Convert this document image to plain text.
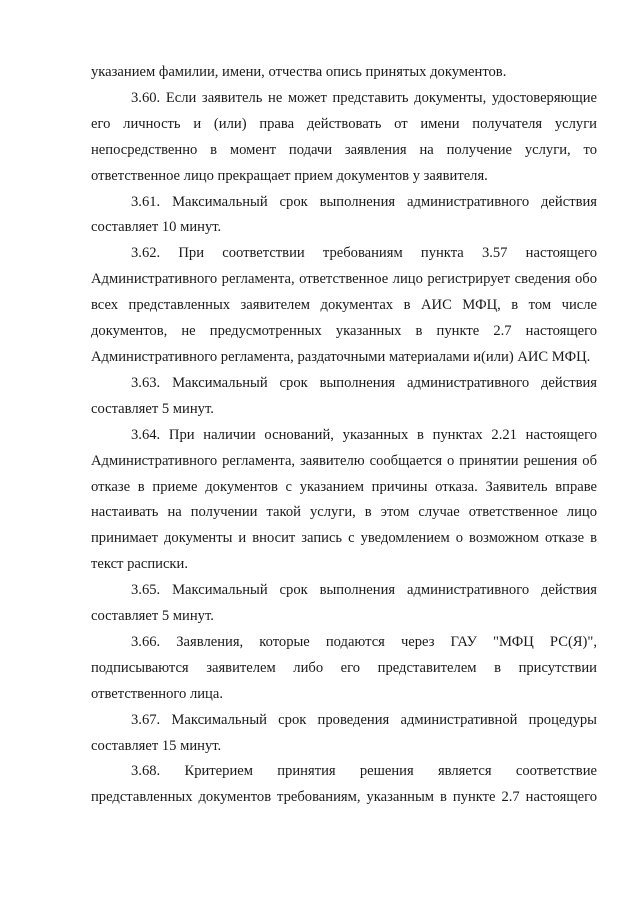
указанием фамилии, имени, отчества опись принятых документов.

3.60. Если заявитель не может представить документы, удостоверяющие его личность и (или) права действовать от имени получателя услуги непосредственно в момент подачи заявления на получение услуги, то ответственное лицо прекращает прием документов у заявителя.

3.61. Максимальный срок выполнения административного действия составляет 10 минут.

3.62. При соответствии требованиям пункта 3.57 настоящего Административного регламента, ответственное лицо регистрирует сведения обо всех представленных заявителем документах в АИС МФЦ, в том числе документов, не предусмотренных указанных в пункте 2.7 настоящего Административного регламента, раздаточными материалами и(или) АИС МФЦ.

3.63. Максимальный срок выполнения административного действия составляет 5 минут.

3.64. При наличии оснований, указанных в пунктах 2.21 настоящего Административного регламента, заявителю сообщается о принятии решения об отказе в приеме документов с указанием причины отказа. Заявитель вправе настаивать на получении такой услуги, в этом случае ответственное лицо принимает документы и вносит запись с уведомлением о возможном отказе в текст расписки.

3.65. Максимальный срок выполнения административного действия составляет 5 минут.

3.66. Заявления, которые подаются через ГАУ "МФЦ РС(Я)", подписываются заявителем либо его представителем в присутствии ответственного лица.

3.67. Максимальный срок проведения административной процедуры составляет 15 минут.

3.68. Критерием принятия решения является соответствие представленных документов требованиям, указанным в пункте 2.7 настоящего
